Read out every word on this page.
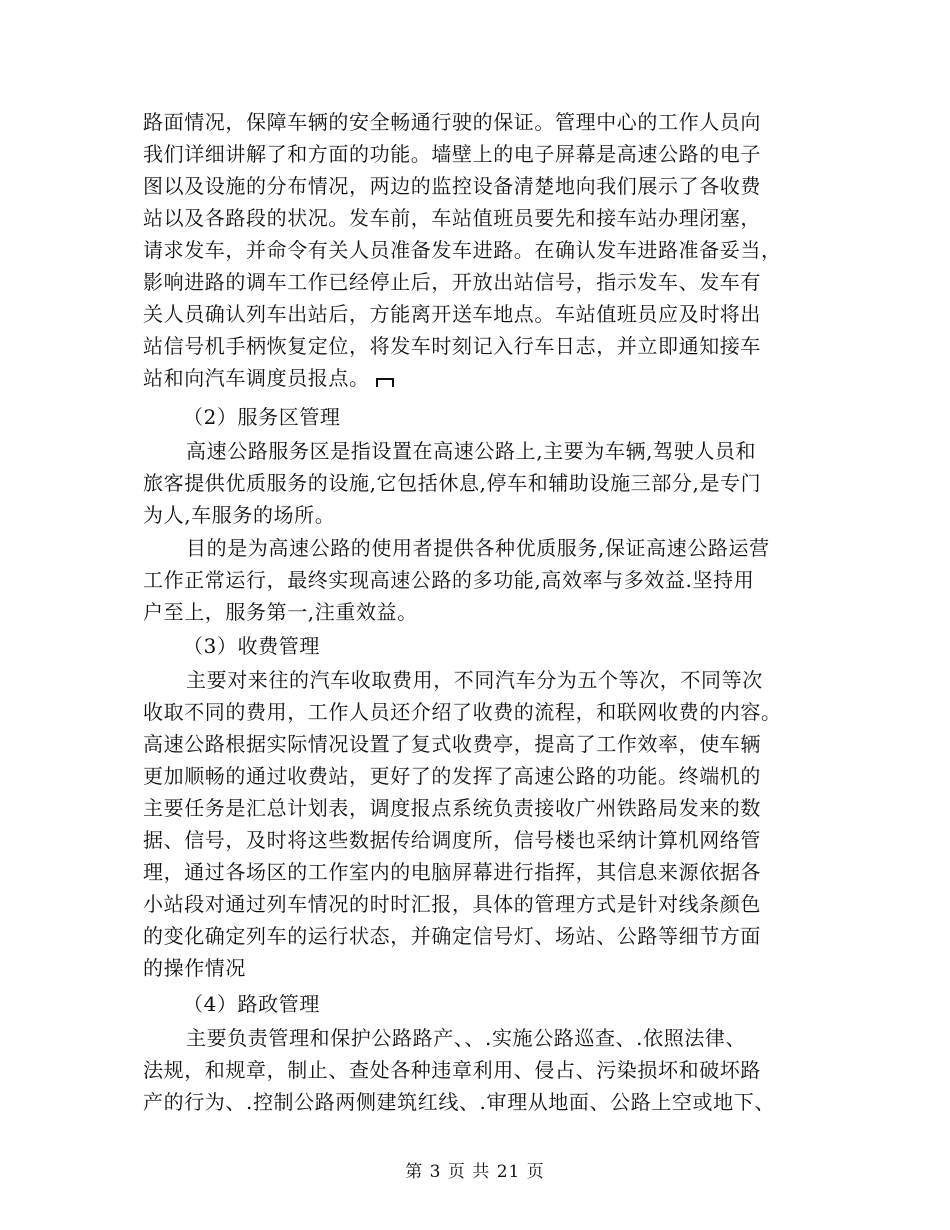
路面情况，保障车辆的安全畅通行驶的保证。管理中心的工作人员向
我们详细讲解了和方面的功能。墙壁上的电子屏幕是高速公路的电子
图以及设施的分布情况，两边的监控设备清楚地向我们展示了各收费
站以及各路段的状况。发车前，车站值班员要先和接车站办理闭塞，
请求发车，并命令有关人员准备发车进路。在确认发车进路准备妥当，
影响进路的调车工作已经停止后，开放出站信号，指示发车、发车有
关人员确认列车出站后，方能离开送车地点。车站值班员应及时将出
站信号机手柄恢复定位，将发车时刻记入行车日志，并立即通知接车
站和向汽车调度员报点。
（2）服务区管理
高速公路服务区是指设置在高速公路上,主要为车辆,驾驶人员和
旅客提供优质服务的设施,它包括休息,停车和辅助设施三部分,是专门
为人,车服务的场所。
目的是为高速公路的使用者提供各种优质服务,保证高速公路运营
工作正常运行，最终实现高速公路的多功能,高效率与多效益.坚持用
户至上，服务第一,注重效益。
（3）收费管理
主要对来往的汽车收取费用，不同汽车分为五个等次，不同等次
收取不同的费用，工作人员还介绍了收费的流程，和联网收费的内容。
高速公路根据实际情况设置了复式收费亭，提高了工作效率，使车辆
更加顺畅的通过收费站，更好了的发挥了高速公路的功能。终端机的
主要任务是汇总计划表，调度报点系统负责接收广州铁路局发来的数
据、信号，及时将这些数据传给调度所，信号楼也采纳计算机网络管
理，通过各场区的工作室内的电脑屏幕进行指挥，其信息来源依据各
小站段对通过列车情况的时时汇报，具体的管理方式是针对线条颜色
的变化确定列车的运行状态，并确定信号灯、场站、公路等细节方面
的操作情况
（4）路政管理
主要负责管理和保护公路路产、、.实施公路巡查、.依照法律、
法规，和规章，制止、查处各种违章利用、侵占、污染损坏和破坏路
产的行为、.控制公路两侧建筑红线、.审理从地面、公路上空或地下、
第 3 页 共 21 页
